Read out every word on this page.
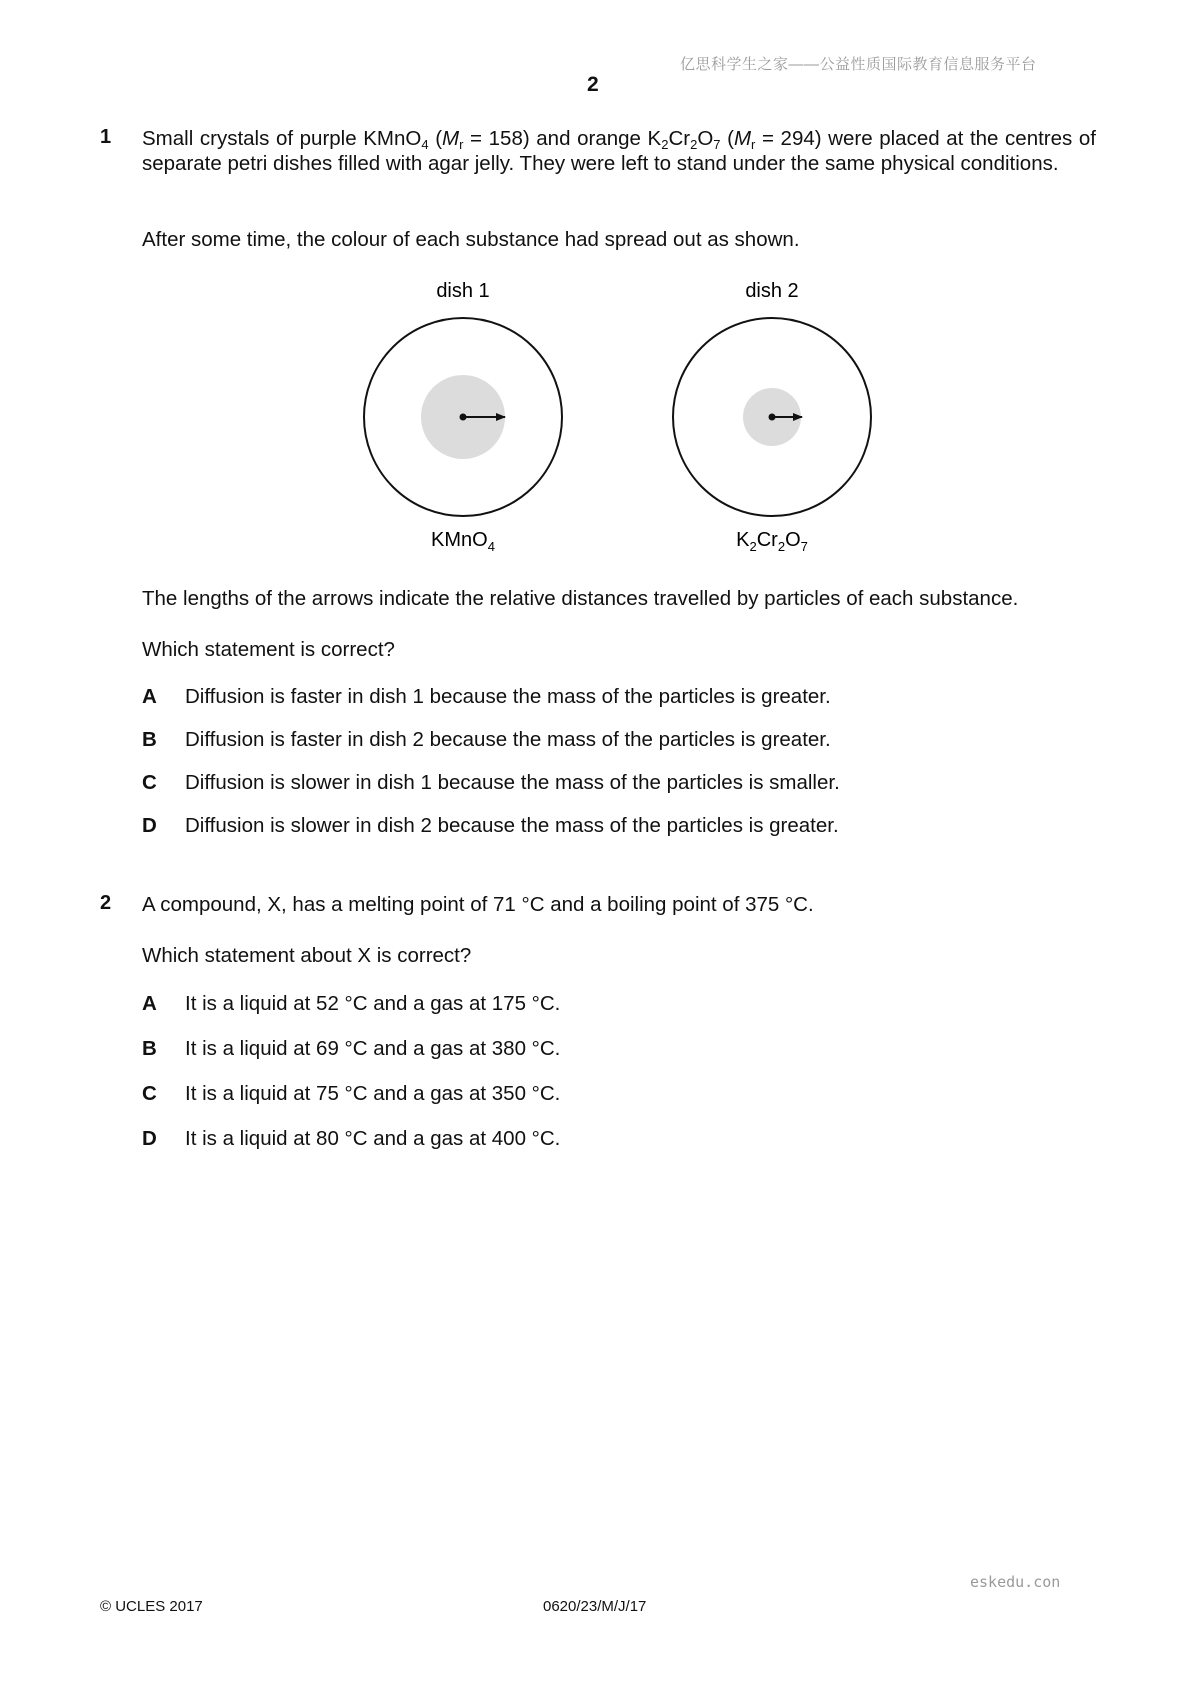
亿思科学生之家——公益性质国际教育信息服务平台
2
1 Small crystals of purple KMnO$_4$ $(M_r = 158)$ and orange $K_2Cr_2O_7$ $(M_r = 294)$ were placed at the centres of separate petri dishes filled with agar jelly. They were left to stand under the same physical conditions.
After some time, the colour of each substance had spread out as shown.
dish 1	dish 2
KMnO$_4$	$K_2Cr_2O_7$
The lengths of the arrows indicate the relative distances travelled by particles of each substance.
Which statement is correct?
A Diffusion is faster in dish 1 because the mass of the particles is greater.
B Diffusion is faster in dish 2 because the mass of the particles is greater.
C Diffusion is slower in dish 1 because the mass of the particles is smaller.
D Diffusion is slower in dish 2 because the mass of the particles is greater.
2 A compound, X, has a melting point of 71 °C and a boiling point of 375 °C.
Which statement about X is correct?
A It is a liquid at 52 °C and a gas at 175 °C.
B It is a liquid at 69 °C and a gas at 380 °C.
C It is a liquid at 75 °C and a gas at 350 °C.
D It is a liquid at 80 °C and a gas at 400 °C.
eskedu.con
© UCLES 2017	0620/23/M/J/17
